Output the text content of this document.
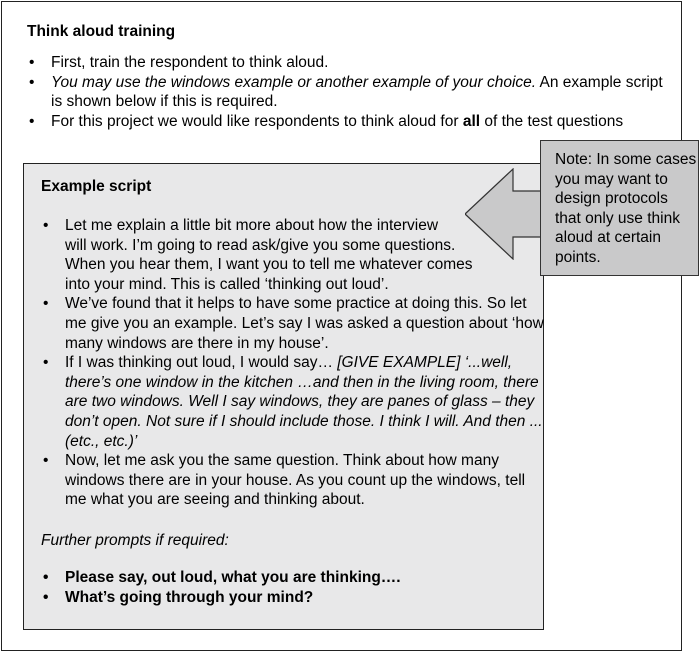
Think aloud training
• First, train the respondent to think aloud.
• You may use the windows example or another example of your choice. An example script is shown below if this is required.
• For this project we would like respondents to think aloud for all of the test questions
Example script
• Let me explain a little bit more about how the interview
will work. I’m going to read ask/give you some questions.
When you hear them, I want you to tell me whatever comes
into your mind. This is called ‘thinking out loud’.
• We’ve found that it helps to have some practice at doing this. So let
me give you an example. Let’s say I was asked a question about ‘how
many windows are there in my house’.
• If I was thinking out loud, I would say… [GIVE EXAMPLE] ‘...well, there’s one window in the kitchen …and then in the living room, there are two windows. Well I say windows, they are panes of glass – they don’t open. Not sure if I should include those. I think I will. And then ... (etc., etc.)’
• Now, let me ask you the same question. Think about how many
windows there are in your house. As you count up the windows, tell
me what you are seeing and thinking about.
Further prompts if required:
• Please say, out loud, what you are thinking….
• What’s going through your mind?
Note: In some cases you may want to design protocols that only use think aloud at certain points.
